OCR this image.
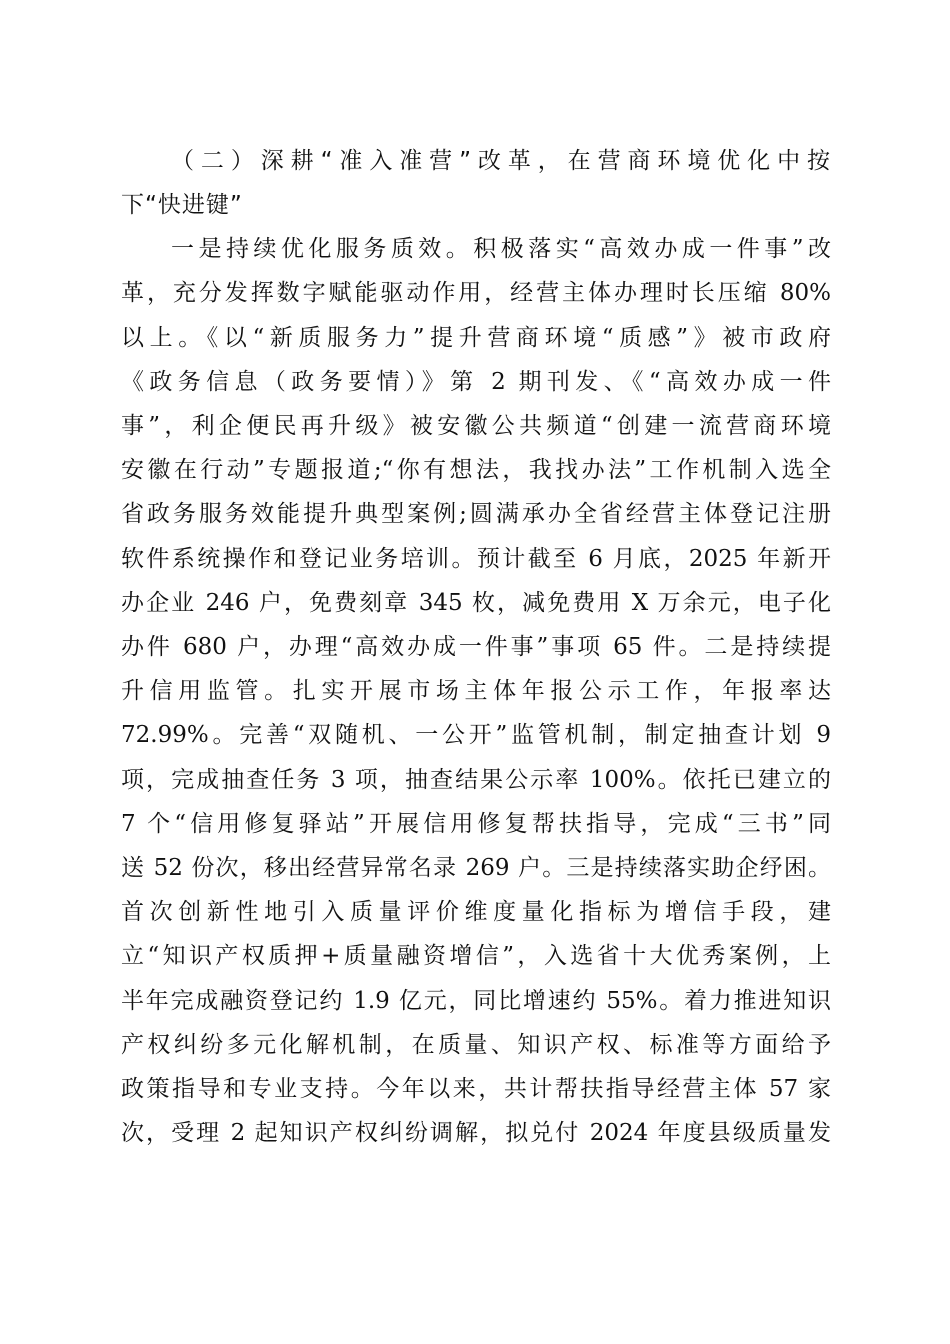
（二）深耕“准入准营”改革，在营商环境优化中按
下“快进键”
一是持续优化服务质效。积极落实“高效办成一件事”改
革，充分发挥数字赋能驱动作用，经营主体办理时长压缩 80%
以上。《以“新质服务力”提升营商环境“质感”》被市政府
《政务信息（政务要情）》第 2 期刊发、《“高效办成一件
事”，利企便民再升级》被安徽公共频道“创建一流营商环境
安徽在行动”专题报道;“你有想法，我找办法”工作机制入选全
省政务服务效能提升典型案例;圆满承办全省经营主体登记注册
软件系统操作和登记业务培训。预计截至 6 月底，2025 年新开
办企业 246 户，免费刻章 345 枚，减免费用 X 万余元，电子化
办件 680 户，办理“高效办成一件事”事项 65 件。二是持续提
升信用监管。扎实开展市场主体年报公示工作，年报率达
72.99%。完善“双随机、一公开”监管机制，制定抽查计划 9
项，完成抽查任务 3 项，抽查结果公示率 100%。依托已建立的
7 个“信用修复驿站”开展信用修复帮扶指导，完成“三书”同
送 52 份次，移出经营异常名录 269 户。三是持续落实助企纾困。
首次创新性地引入质量评价维度量化指标为增信手段，建
立“知识产权质押+质量融资增信”，入选省十大优秀案例，上
半年完成融资登记约 1.9 亿元，同比增速约 55%。着力推进知识
产权纠纷多元化解机制，在质量、知识产权、标准等方面给予
政策指导和专业支持。今年以来，共计帮扶指导经营主体 57 家
次，受理 2 起知识产权纠纷调解，拟兑付 2024 年度县级质量发
